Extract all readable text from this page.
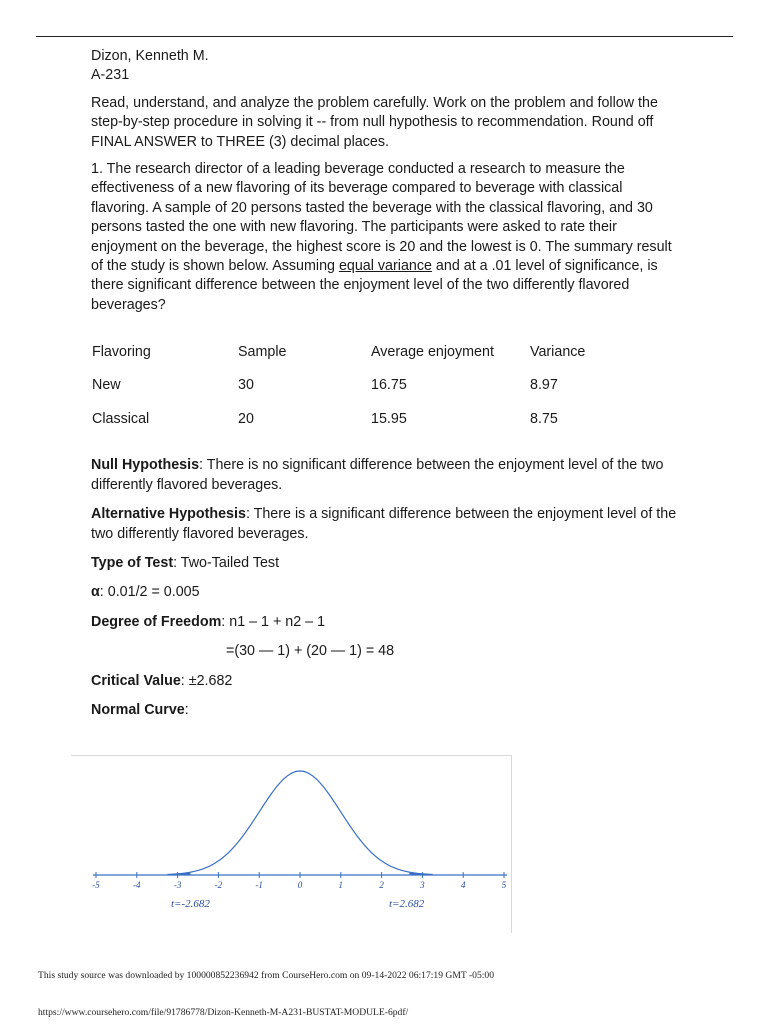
Dizon, Kenneth M.

A-231

Read, understand, and analyze the problem carefully. Work on the problem and follow the step-by-step procedure in solving it -- from null hypothesis to recommendation. Round off FINAL ANSWER to THREE (3) decimal places.

1. The research director of a leading beverage conducted a research to measure the effectiveness of a new flavoring of its beverage compared to beverage with classical flavoring. A sample of 20 persons tasted the beverage with the classical flavoring, and 30 persons tasted the one with new flavoring. The participants were asked to rate their enjoyment on the beverage, the highest score is 20 and the lowest is 0. The summary result of the study is shown below. Assuming equal variance and at a .01 level of significance, is there significant difference between the enjoyment level of the two differently flavored beverages?

Flavoring	Sample	Average enjoyment	Variance
New	30	16.75	8.97
Classical	20	15.95	8.75

Null Hypothesis: There is no significant difference between the enjoyment level of the two differently flavored beverages.

Alternative Hypothesis: There is a significant difference between the enjoyment level of the two differently flavored beverages.

Type of Test: Two-Tailed Test

α: 0.01/2 = 0.005

Degree of Freedom: n1 – 1 + n2 – 1

=(30 — 1) + (20 — 1) = 48

Critical Value: ±2.682

Normal Curve:

-5	-4	-3	-2	-1	0	1	2	3	4	5
t=-2.682	t=2.682
This study source was downloaded by 100000852236942 from CourseHero.com on 09-14-2022 06:17:19 GMT -05:00
https://www.coursehero.com/file/91786778/Dizon-Kenneth-M-A231-BUSTAT-MODULE-6pdf/
